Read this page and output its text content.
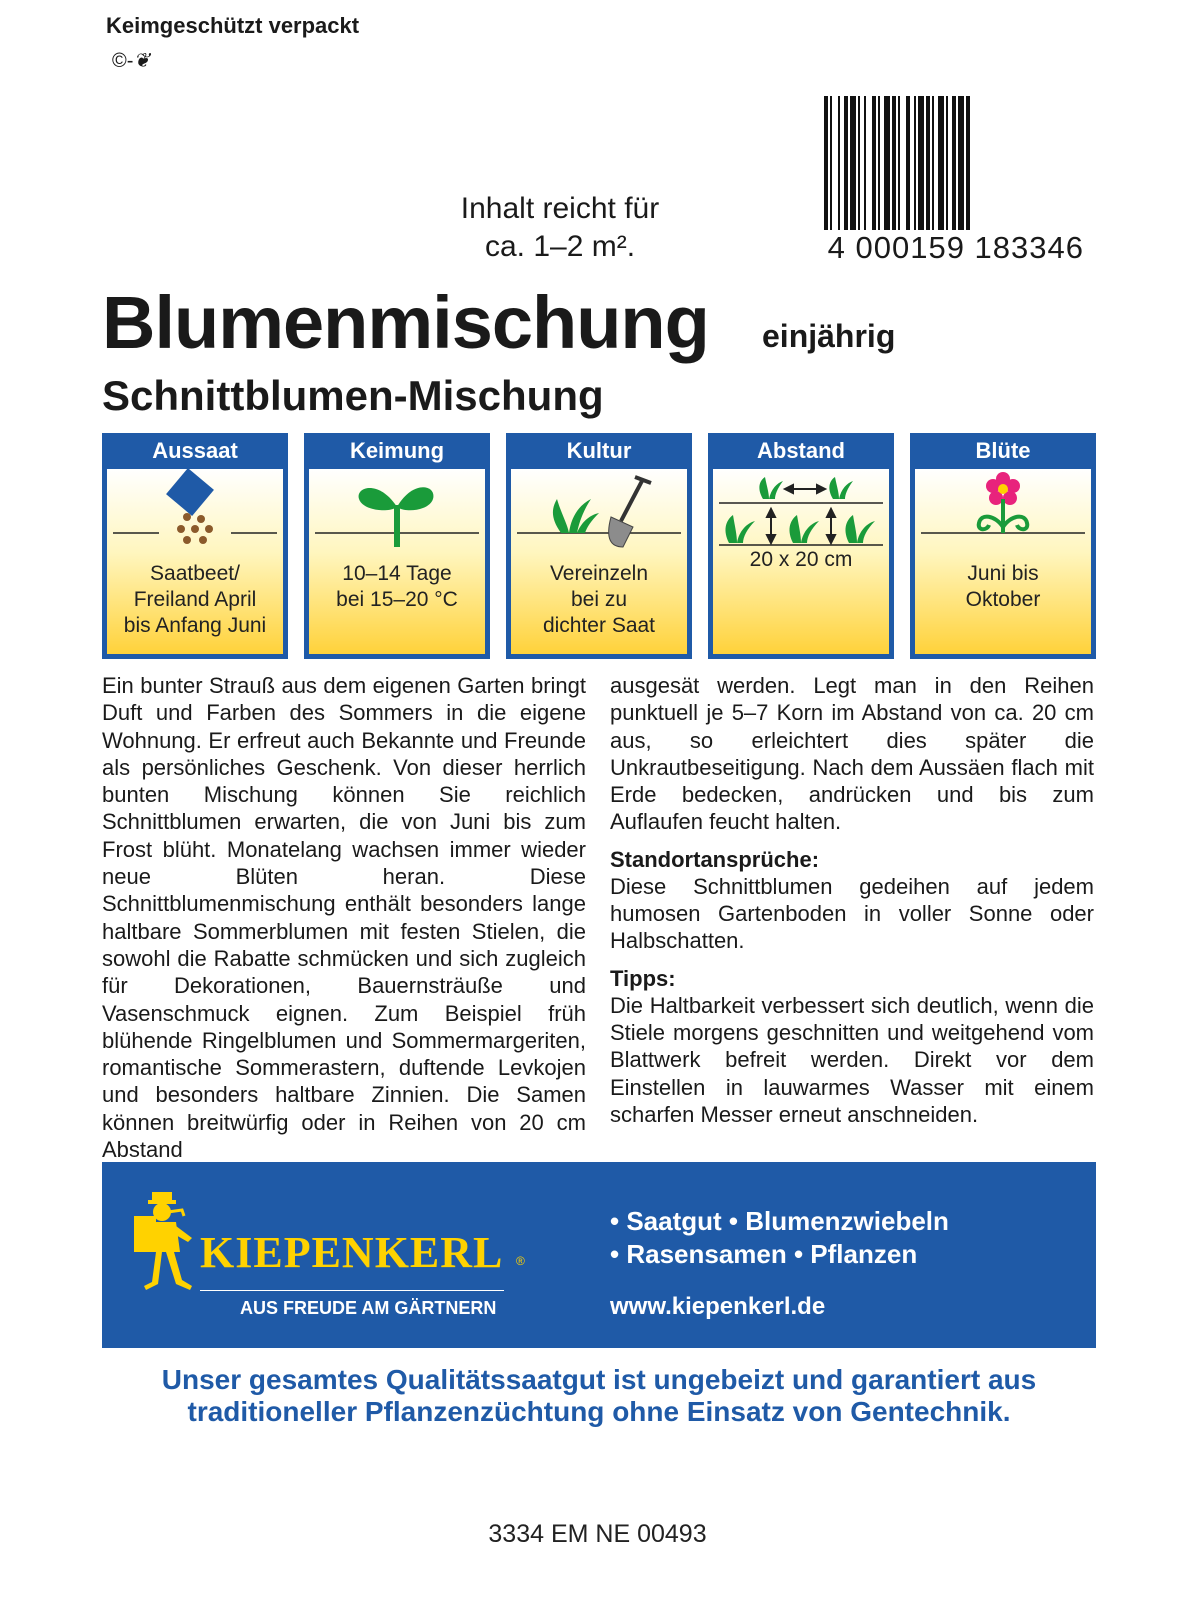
Keimgeschützt verpackt
©-❦
Inhalt reicht für
ca. 1–2 m².	4 000159 183346
Blumenmischung einjährig
Schnittblumen-Mischung
Aussaat
Saatbeet/
Freiland April
bis Anfang Juni
Keimung
10–14 Tage
bei 15–20 °C
Kultur
Vereinzeln
bei zu
dichter Saat
Abstand
20 x 20 cm
Blüte
Juni bis
Oktober

Ein bunter Strauß aus dem eigenen Garten bringt Duft und Farben des Sommers in die eigene Wohnung. Er erfreut auch Bekannte und Freunde als persönliches Geschenk. Von dieser herrlich bunten Mischung können Sie reichlich Schnittblumen erwarten, die von Juni bis zum Frost blüht. Monatelang wachsen immer wieder neue Blüten heran. Diese Schnittblumenmischung enthält besonders lange haltbare Sommerblumen mit festen Stielen, die sowohl die Rabatte schmücken und sich zugleich für Dekorationen, Bauernsträuße und Vasenschmuck eignen. Zum Beispiel früh blühende Ringelblumen und Sommermargeriten, romantische Sommerastern, duftende Levkojen und besonders haltbare Zinnien. Die Samen können breitwürfig oder in Reihen von 20 cm Abstand

ausgesät werden. Legt man in den Reihen punktuell je 5–7 Korn im Abstand von ca. 20 cm aus, so erleichtert dies später die Unkrautbeseitigung. Nach dem Aussäen flach mit Erde bedecken, andrücken und bis zum Auflaufen feucht halten.

Standortansprüche:

Diese Schnittblumen gedeihen auf jedem humosen Gartenboden in voller Sonne oder Halbschatten.

Tipps:

Die Haltbarkeit verbessert sich deutlich, wenn die Stiele morgens geschnitten und weitgehend vom Blattwerk befreit werden. Direkt vor dem Einstellen in lauwarmes Wasser mit einem scharfen Messer erneut anschneiden.

KIEPENKERL ®
AUS FREUDE AM GÄRTNERN
• Saatgut • Blumenzwiebeln
• Rasensamen • Pflanzen
www.kiepenkerl.de
Unser gesamtes Qualitätssaatgut ist ungebeizt und garantiert aus
traditioneller Pflanzenzüchtung ohne Einsatz von Gentechnik.
3334 EM NE 00493
